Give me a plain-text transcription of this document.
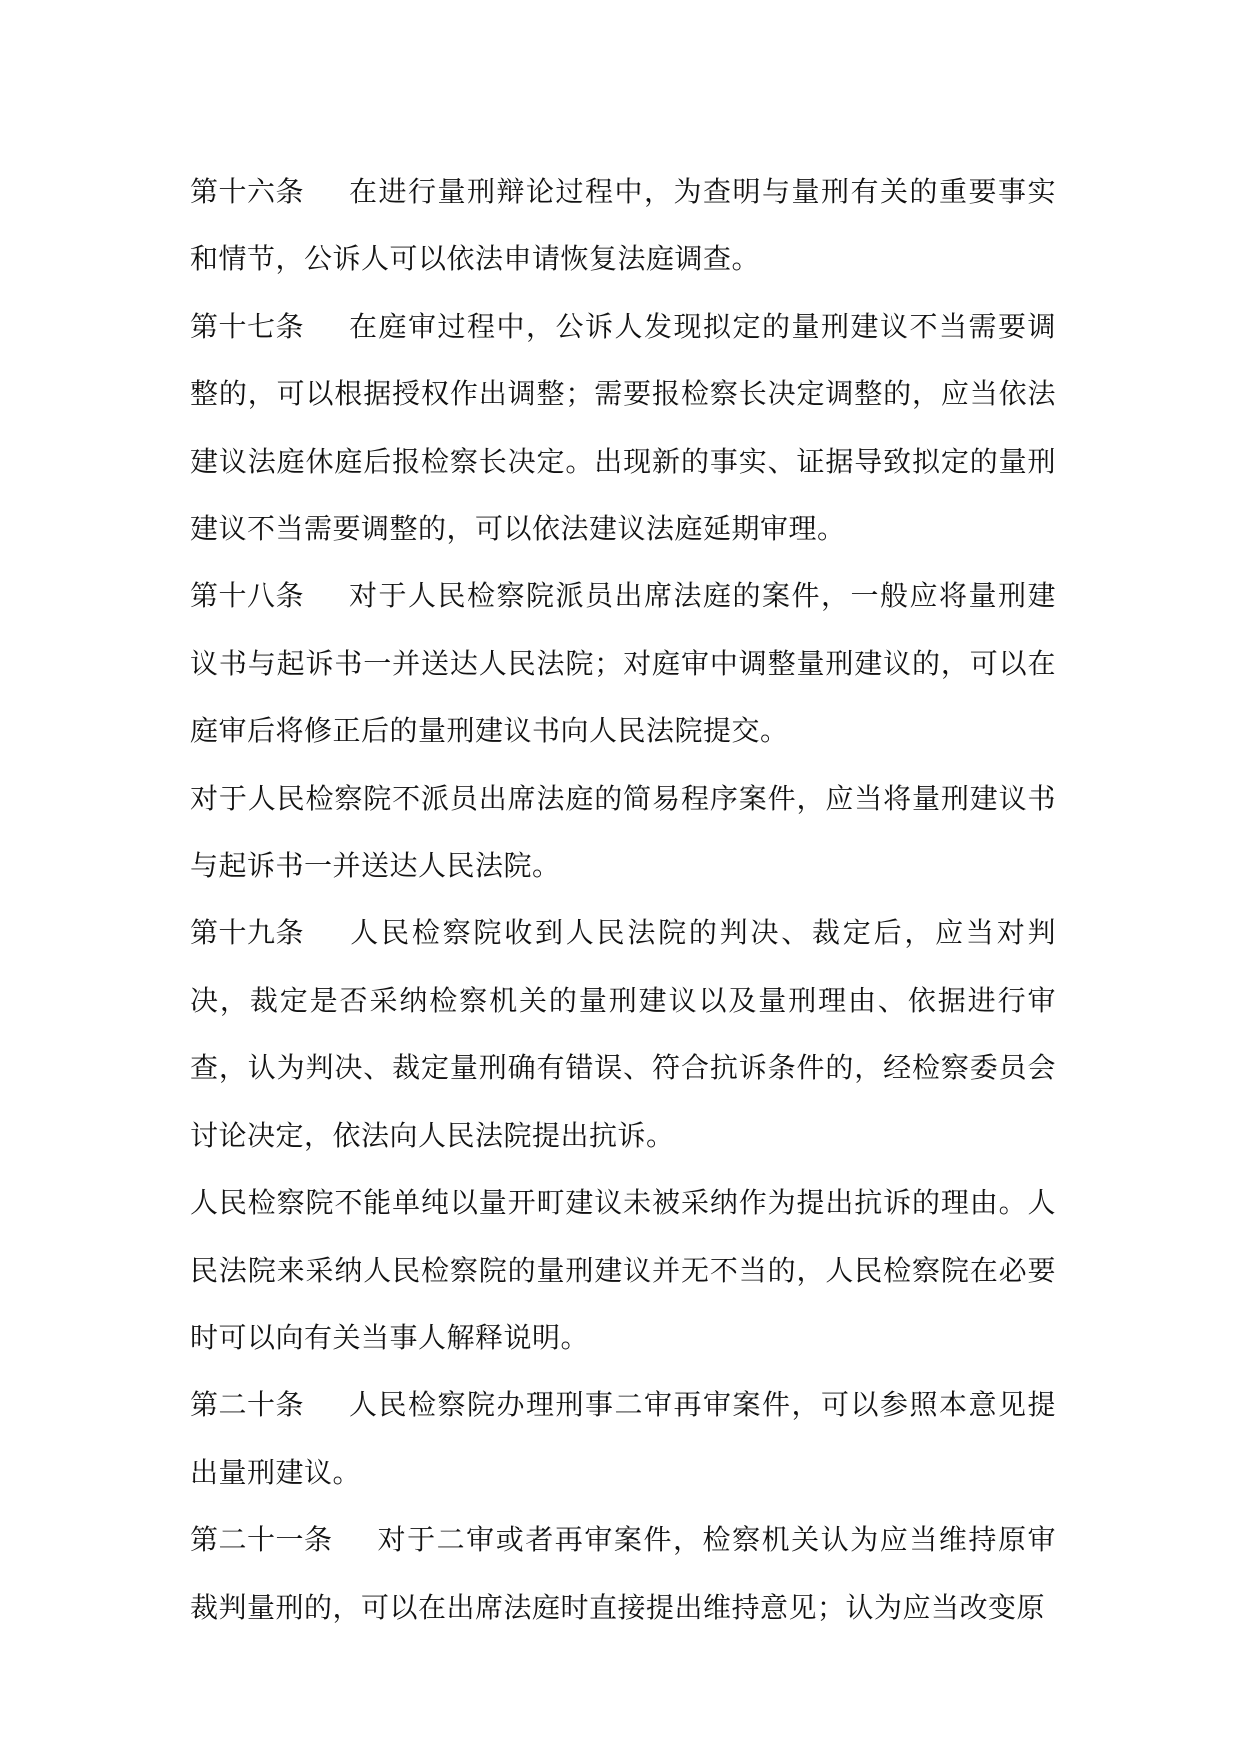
第十六条 在进行量刑辩论过程中，为查明与量刑有关的重要事实和情节，公诉人可以依法申请恢复法庭调查。

第十七条 在庭审过程中，公诉人发现拟定的量刑建议不当需要调整的，可以根据授权作出调整；需要报检察长决定调整的，应当依法建议法庭休庭后报检察长决定。出现新的事实、证据导致拟定的量刑建议不当需要调整的，可以依法建议法庭延期审理。

第十八条 对于人民检察院派员出席法庭的案件，一般应将量刑建议书与起诉书一并送达人民法院；对庭审中调整量刑建议的，可以在庭审后将修正后的量刑建议书向人民法院提交。

对于人民检察院不派员出席法庭的简易程序案件，应当将量刑建议书与起诉书一并送达人民法院。

第十九条 人民检察院收到人民法院的判决、裁定后，应当对判决，裁定是否采纳检察机关的量刑建议以及量刑理由、依据进行审查，认为判决、裁定量刑确有错误、符合抗诉条件的，经检察委员会讨论决定，依法向人民法院提出抗诉。

人民检察院不能单纯以量开町建议未被采纳作为提出抗诉的理由。人民法院来采纳人民检察院的量刑建议并无不当的，人民检察院在必要时可以向有关当事人解释说明。

第二十条 人民检察院办理刑事二审再审案件，可以参照本意见提出量刑建议。

第二十一条 对于二审或者再审案件，检察机关认为应当维持原审裁判量刑的，可以在出席法庭时直接提出维持意见；认为应当改变原
